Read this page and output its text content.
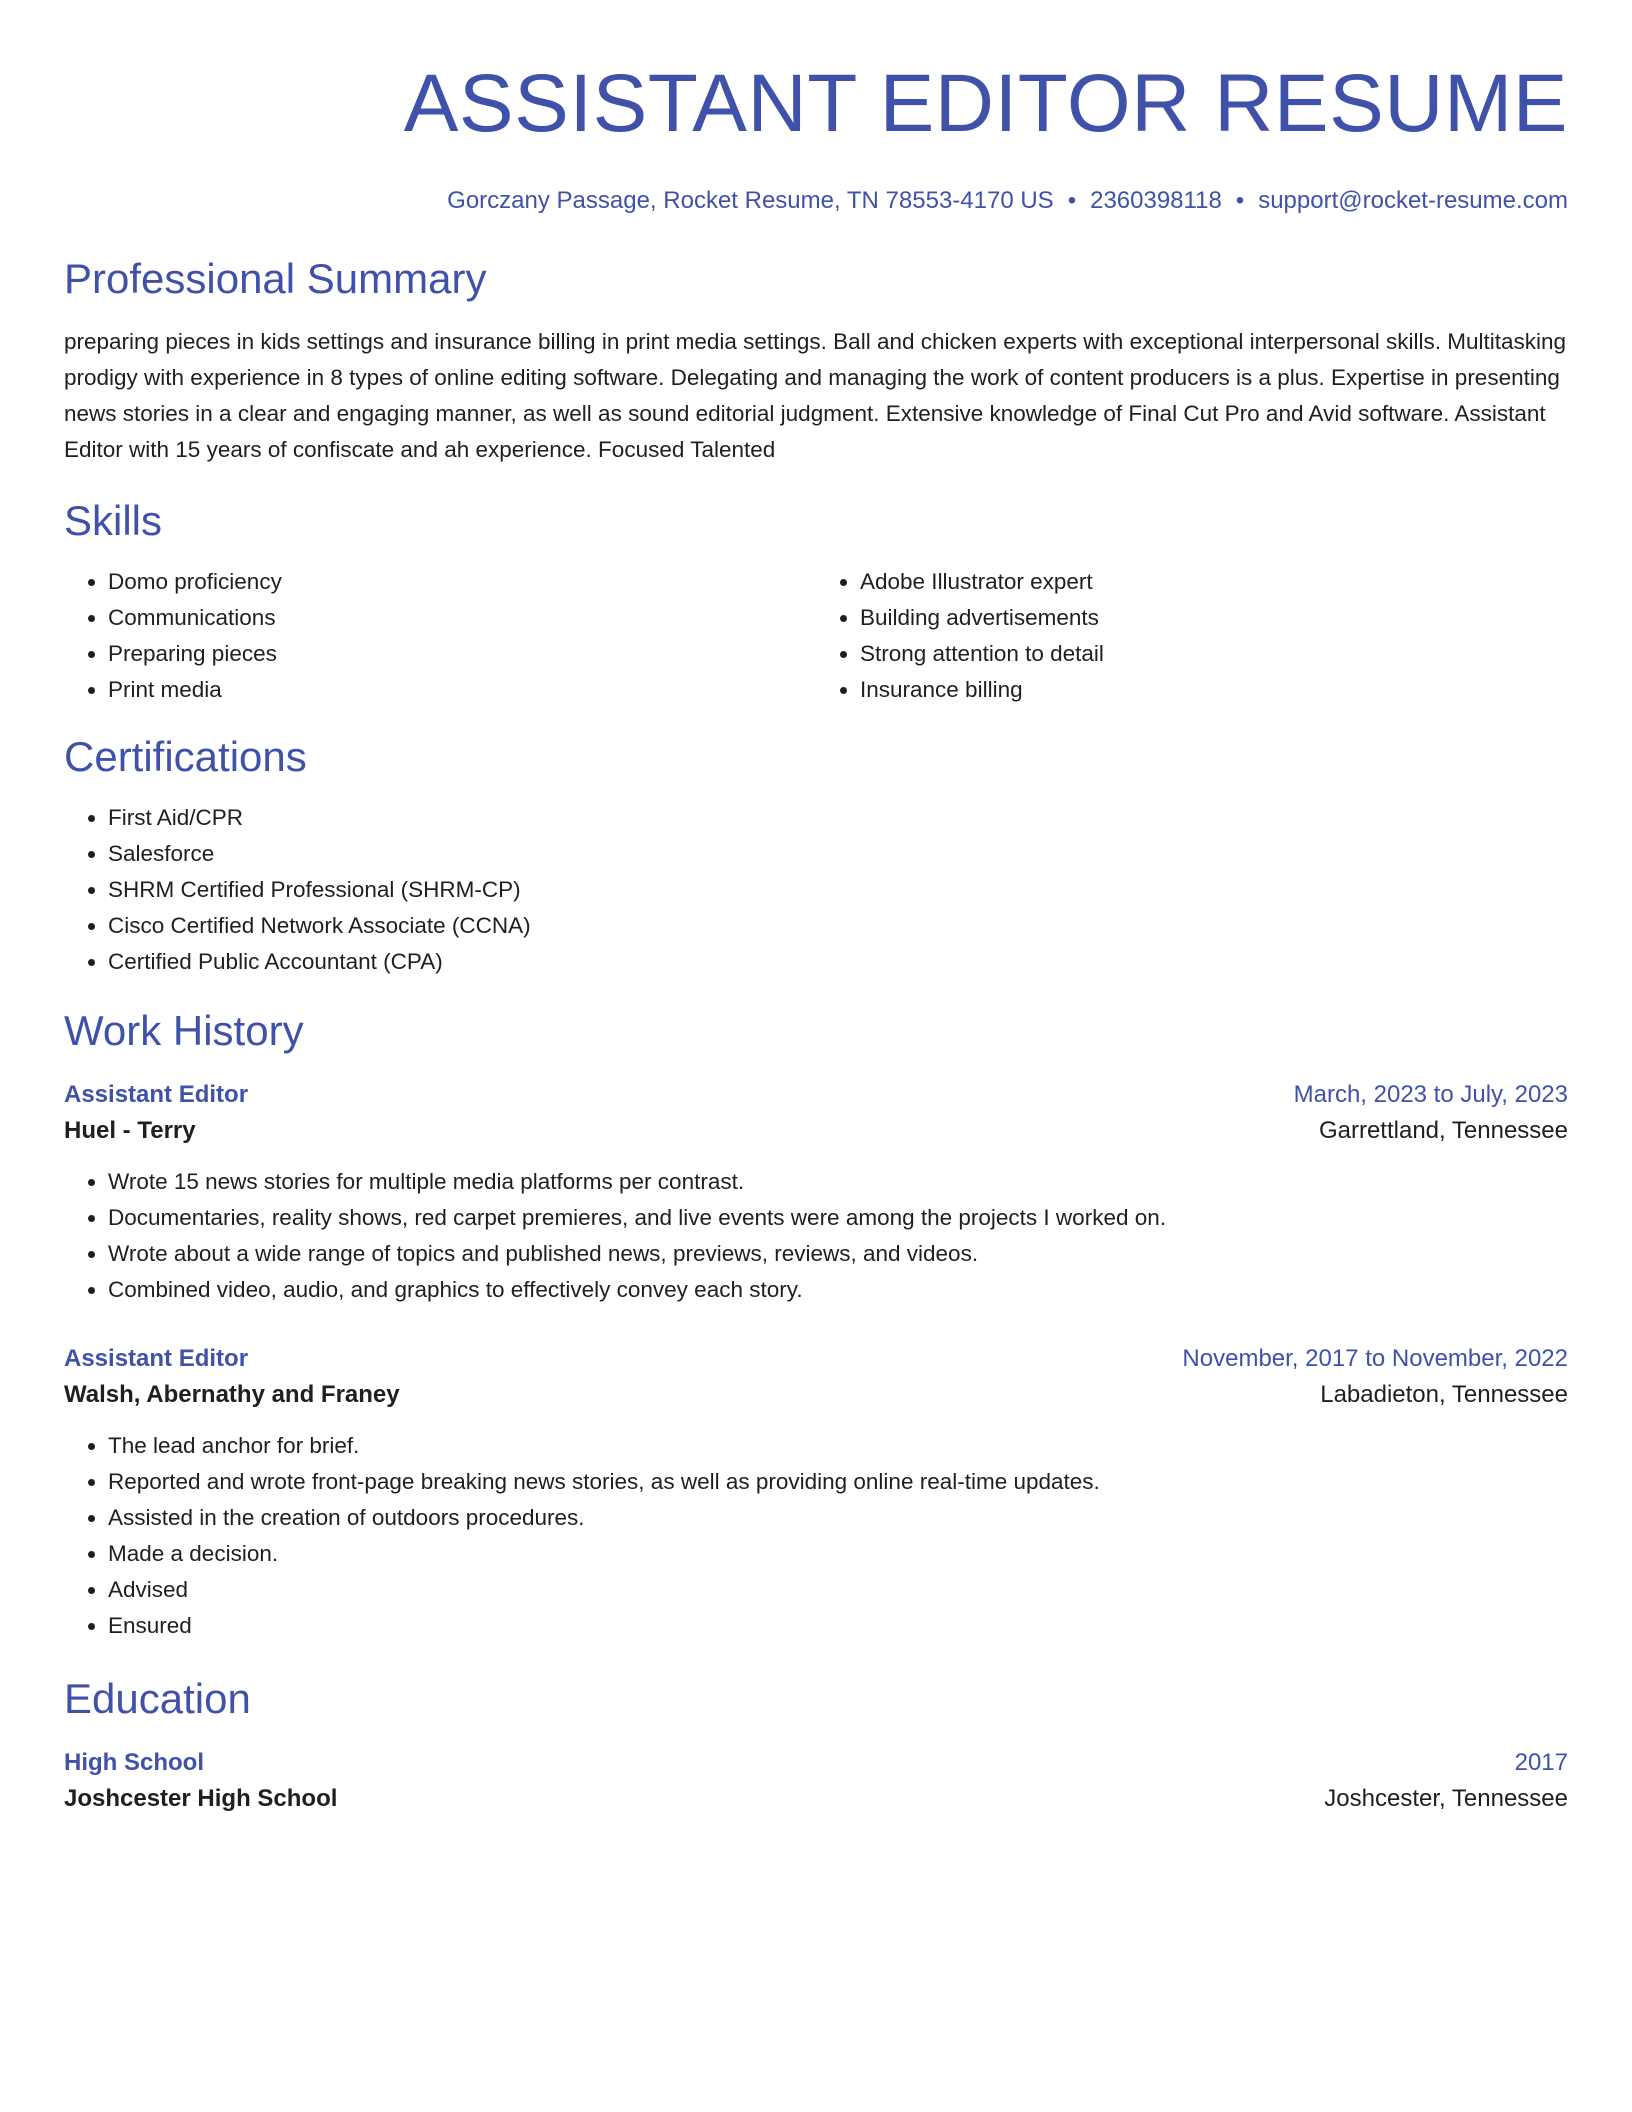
ASSISTANT EDITOR RESUME
Gorczany Passage, Rocket Resume, TN 78553-4170 US • 2360398118 • support@rocket-resume.com
Professional Summary

preparing pieces in kids settings and insurance billing in print media settings. Ball and chicken experts with exceptional interpersonal skills. Multitasking prodigy with experience in 8 types of online editing software. Delegating and managing the work of content producers is a plus. Expertise in presenting news stories in a clear and engaging manner, as well as sound editorial judgment. Extensive knowledge of Final Cut Pro and Avid software. Assistant Editor with 15 years of confiscate and ah experience. Focused Talented

Skills
• Domo proficiency
• Communications
• Preparing pieces
• Print media
• Adobe Illustrator expert
• Building advertisements
• Strong attention to detail
• Insurance billing
Certifications
• First Aid/CPR
• Salesforce
• SHRM Certified Professional (SHRM-CP)
• Cisco Certified Network Associate (CCNA)
• Certified Public Accountant (CPA)
Work History
Assistant Editor	March, 2023 to July, 2023
Huel - Terry	Garrettland, Tennessee
• Wrote 15 news stories for multiple media platforms per contrast.
• Documentaries, reality shows, red carpet premieres, and live events were among the projects I worked on.
• Wrote about a wide range of topics and published news, previews, reviews, and videos.
• Combined video, audio, and graphics to effectively convey each story.
Assistant Editor	November, 2017 to November, 2022
Walsh, Abernathy and Franey	Labadieton, Tennessee
• The lead anchor for brief.
• Reported and wrote front-page breaking news stories, as well as providing online real-time updates.
• Assisted in the creation of outdoors procedures.
• Made a decision.
• Advised
• Ensured
Education
High School	2017
Joshcester High School	Joshcester, Tennessee
